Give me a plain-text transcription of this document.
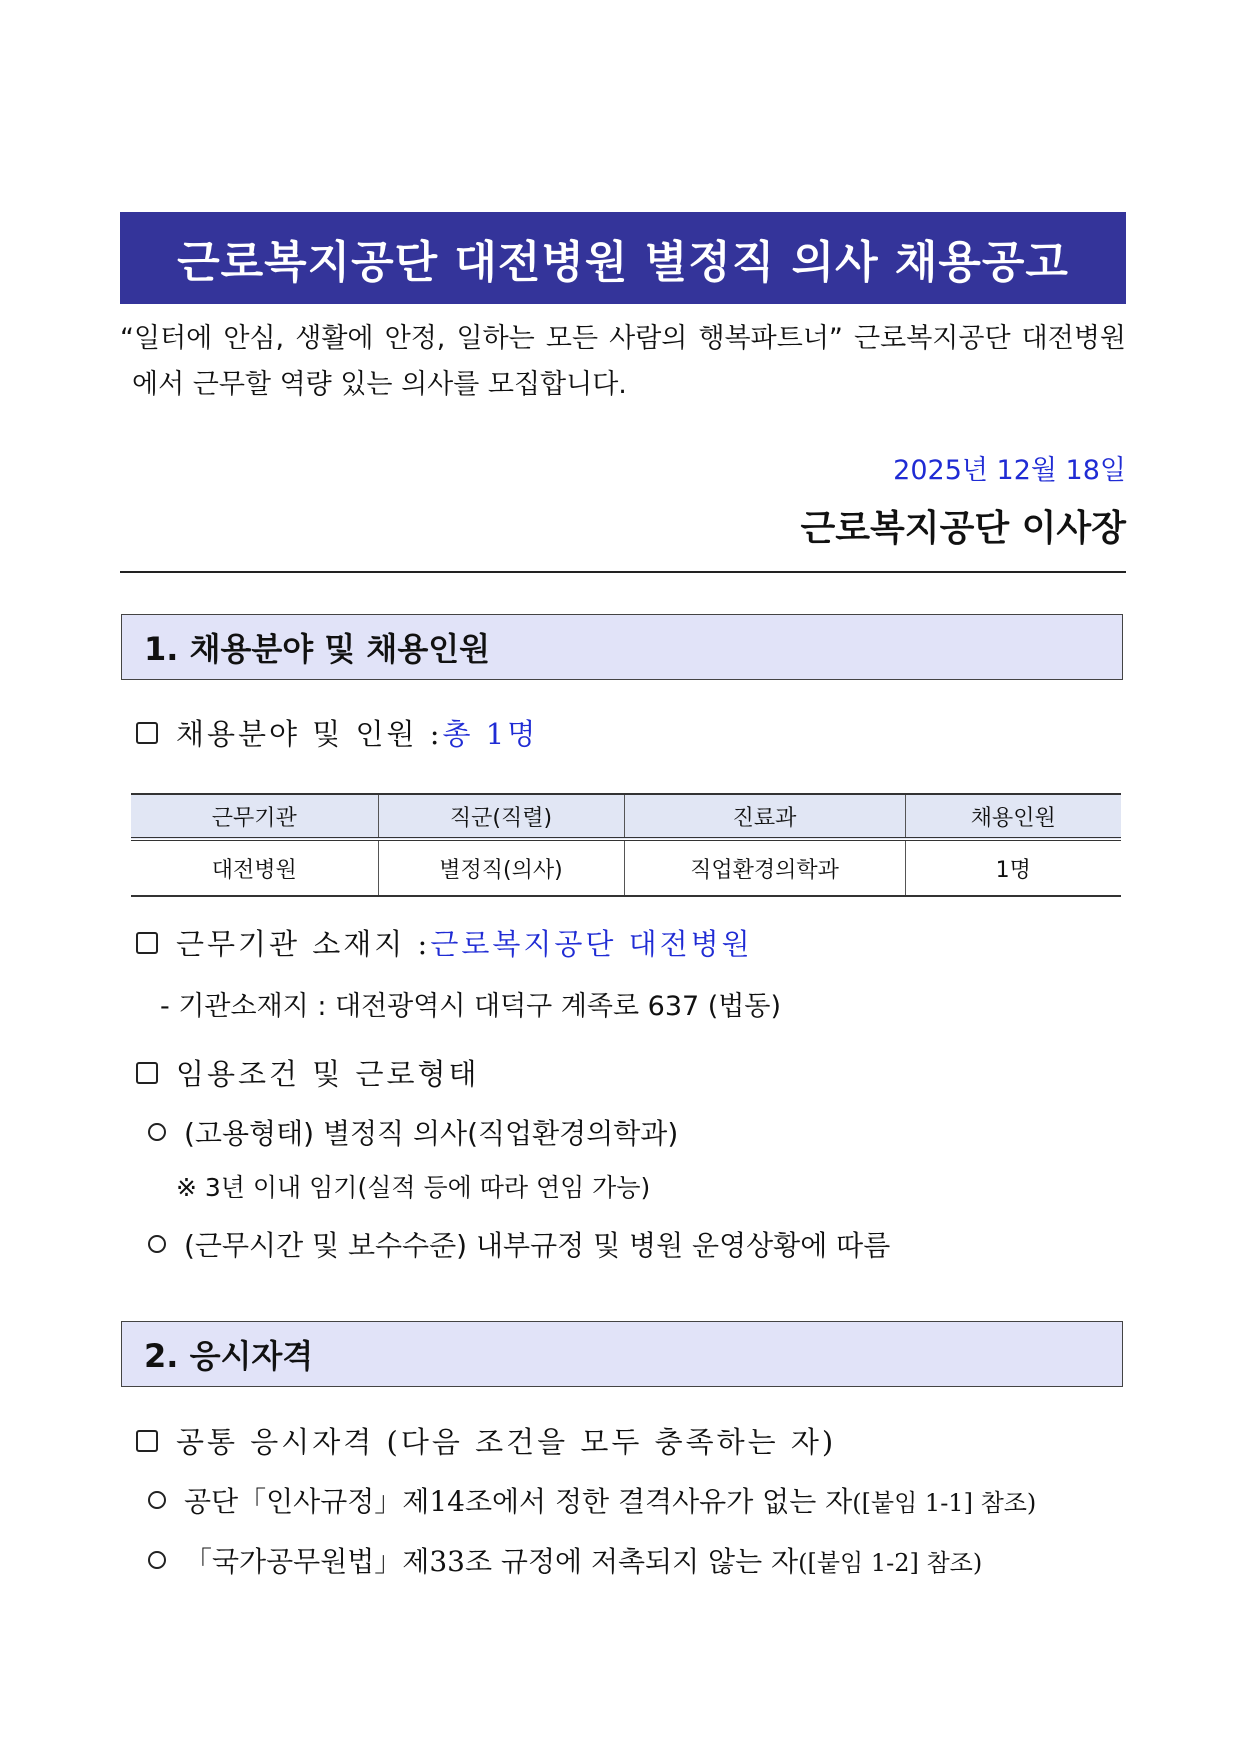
근로복지공단 대전병원 별정직 의사 채용공고
“일터에 안심, 생활에 안정, 일하는 모든 사람의 행복파트너” 근로복지공단 대전병원
에서 근무할 역량 있는 의사를 모집합니다.
2025년 12월 18일
근로복지공단 이사장
1. 채용분야 및 채용인원
채용분야 및 인원 : 총 1명
근무기관	직군(직렬)	진료과	채용인원
대전병원	별정직(의사)	직업환경의학과	1명
근무기관 소재지 : 근로복지공단 대전병원
- 기관소재지 : 대전광역시 대덕구 계족로 637 (법동)
임용조건 및 근로형태
(고용형태) 별정직 의사(직업환경의학과)
※ 3년 이내 임기(실적 등에 따라 연임 가능)
(근무시간 및 보수수준) 내부규정 및 병원 운영상황에 따름
2. 응시자격
공통 응시자격 (다음 조건을 모두 충족하는 자)
공단「인사규정」제14조에서 정한 결격사유가 없는 자 ([붙임 1-1] 참조)
「국가공무원법」제33조 규정에 저촉되지 않는 자 ([붙임 1-2] 참조)
